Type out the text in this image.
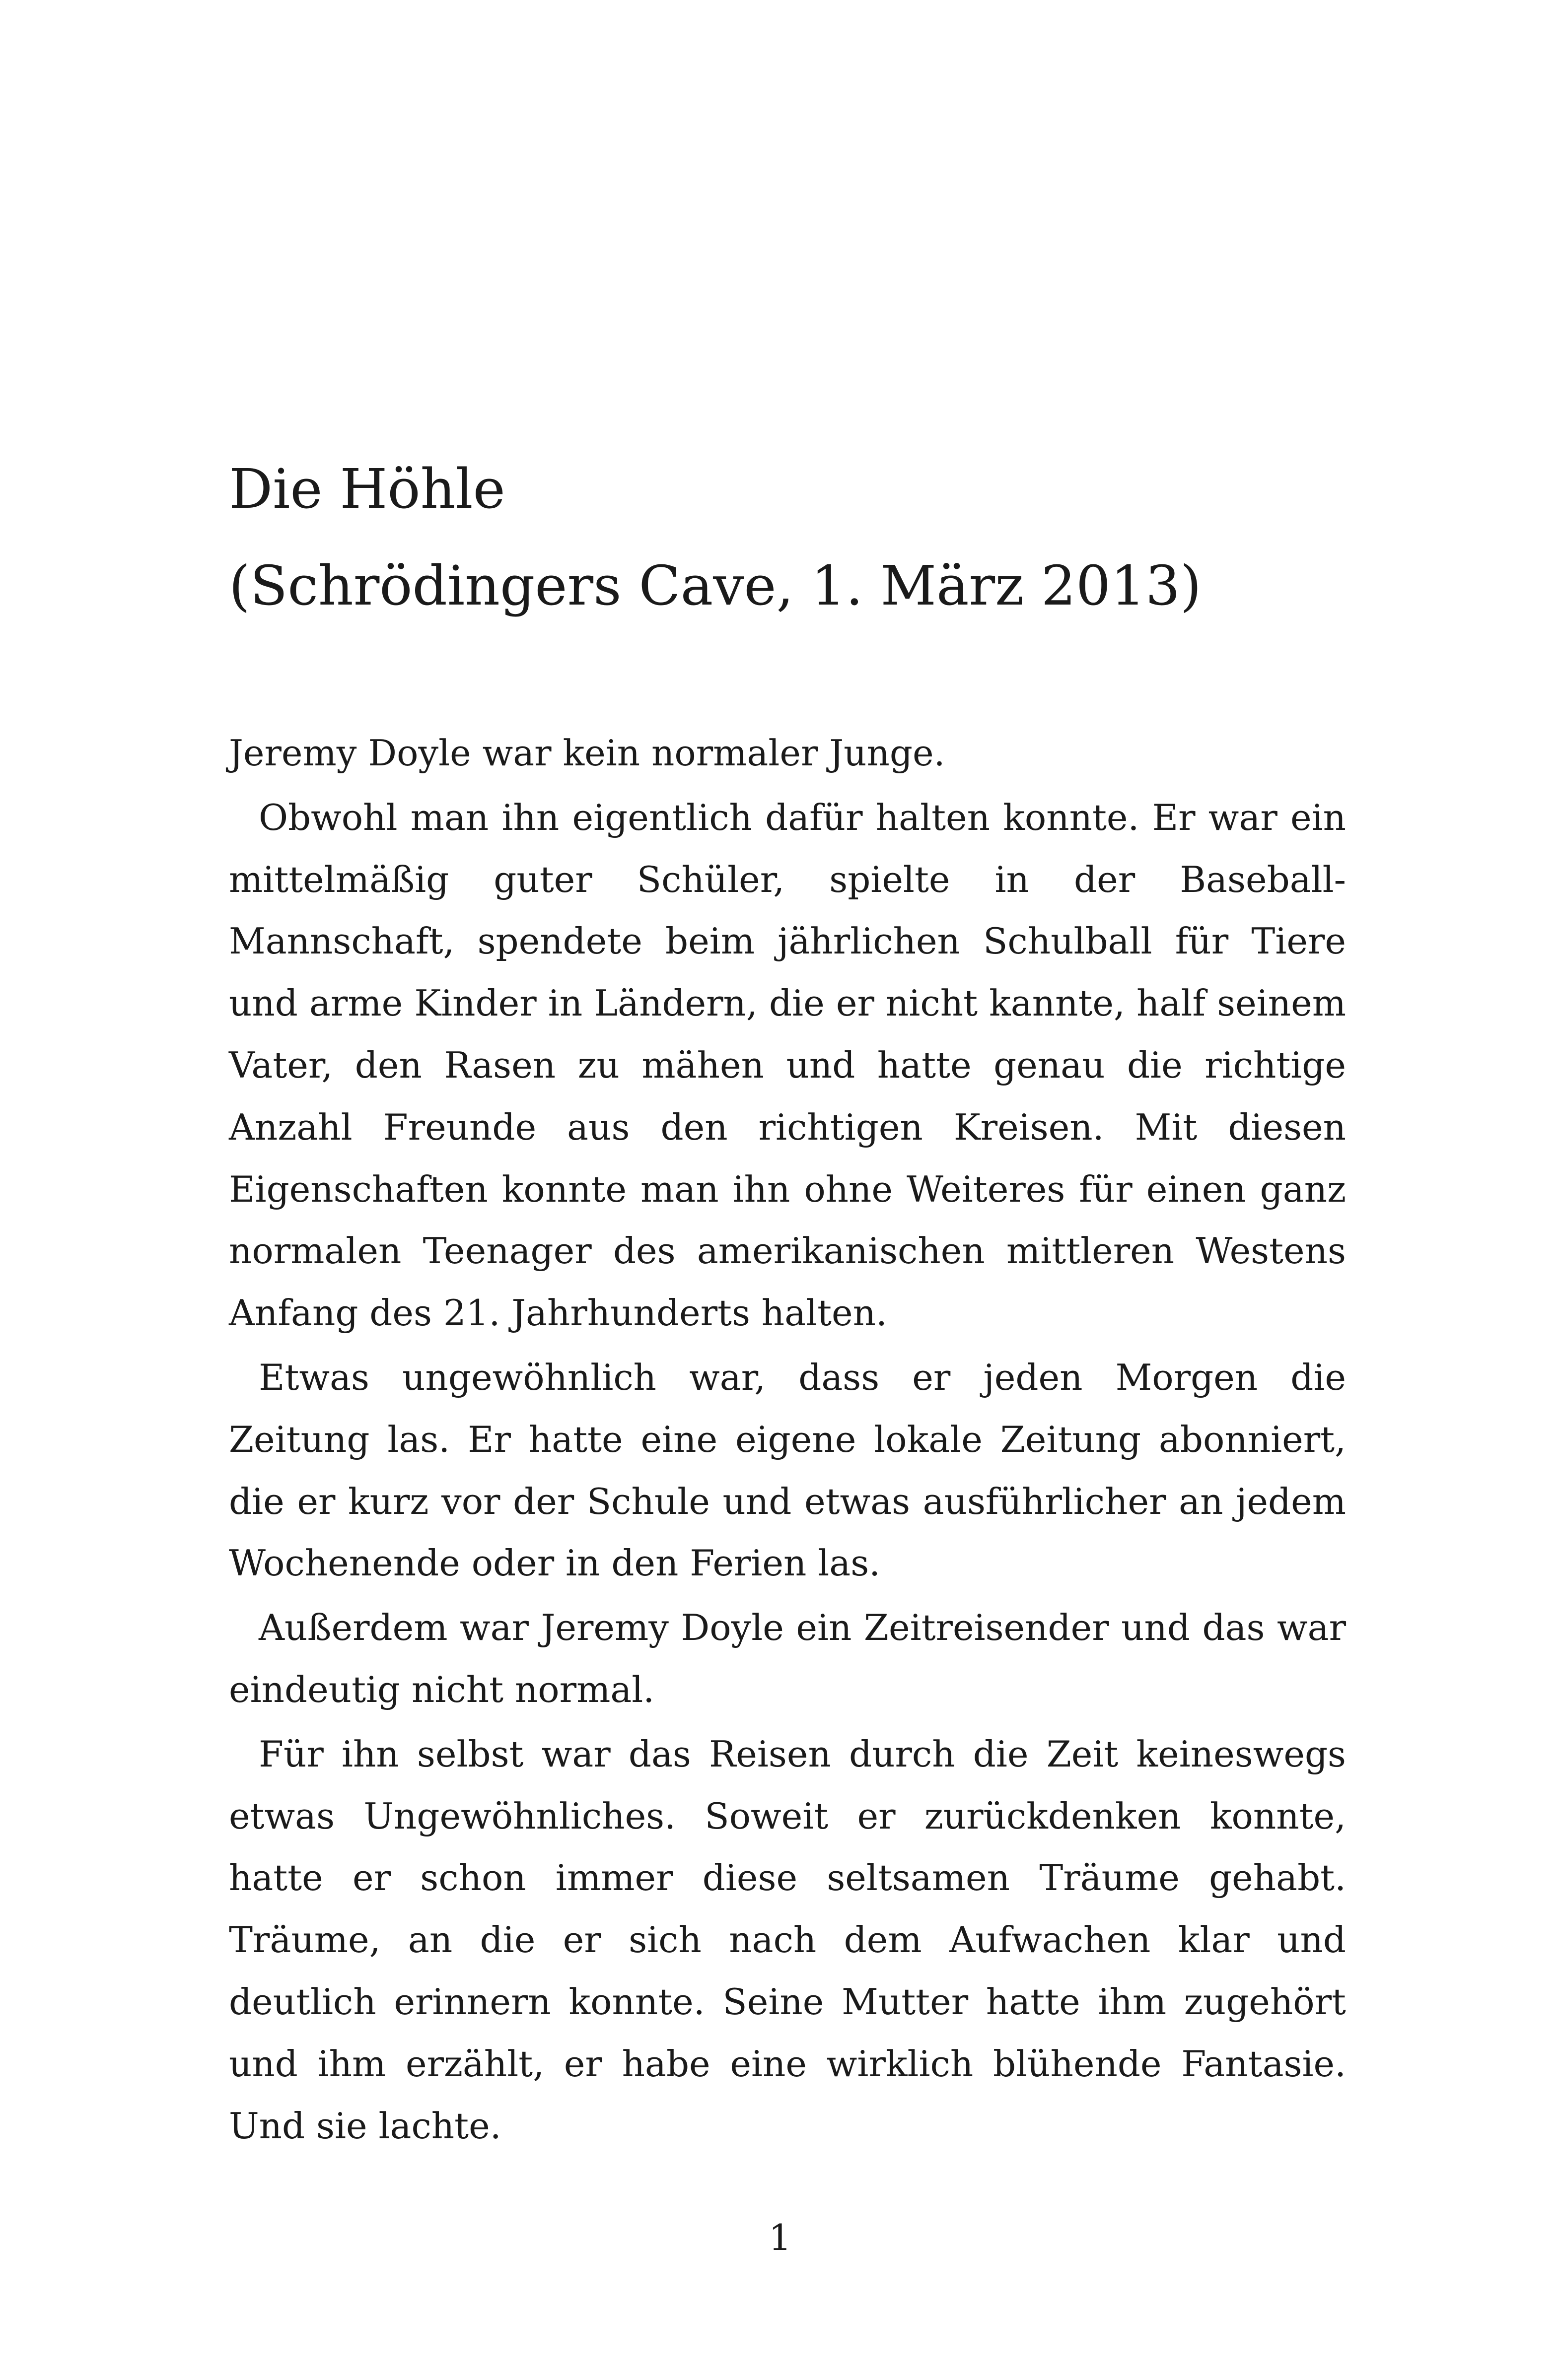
Die Höhle
(Schrödingers Cave, 1. März 2013)

Jeremy Doyle war kein normaler Junge.

Obwohl man ihn eigentlich dafür halten konnte. Er war ein mittelmäßig guter Schüler, spielte in der Baseball-Mannschaft, spendete beim jährlichen Schulball für Tiere und arme Kinder in Ländern, die er nicht kannte, half seinem Vater, den Rasen zu mähen und hatte genau die richtige Anzahl Freunde aus den richtigen Kreisen. Mit diesen Eigenschaften konnte man ihn ohne Weiteres für einen ganz normalen Teenager des amerikanischen mittleren Westens Anfang des 21. Jahrhunderts halten.

Etwas ungewöhnlich war, dass er jeden Morgen die Zeitung las. Er hatte eine eigene lokale Zeitung abonniert, die er kurz vor der Schule und etwas ausführlicher an jedem Wochenende oder in den Ferien las.

Außerdem war Jeremy Doyle ein Zeitreisender und das war eindeutig nicht normal.

Für ihn selbst war das Reisen durch die Zeit keineswegs etwas Ungewöhnliches. Soweit er zurückdenken konnte, hatte er schon immer diese seltsamen Träume gehabt. Träume, an die er sich nach dem Aufwachen klar und deutlich erinnern konnte. Seine Mutter hatte ihm zugehört und ihm erzählt, er habe eine wirklich blühende Fantasie. Und sie lachte.

1
